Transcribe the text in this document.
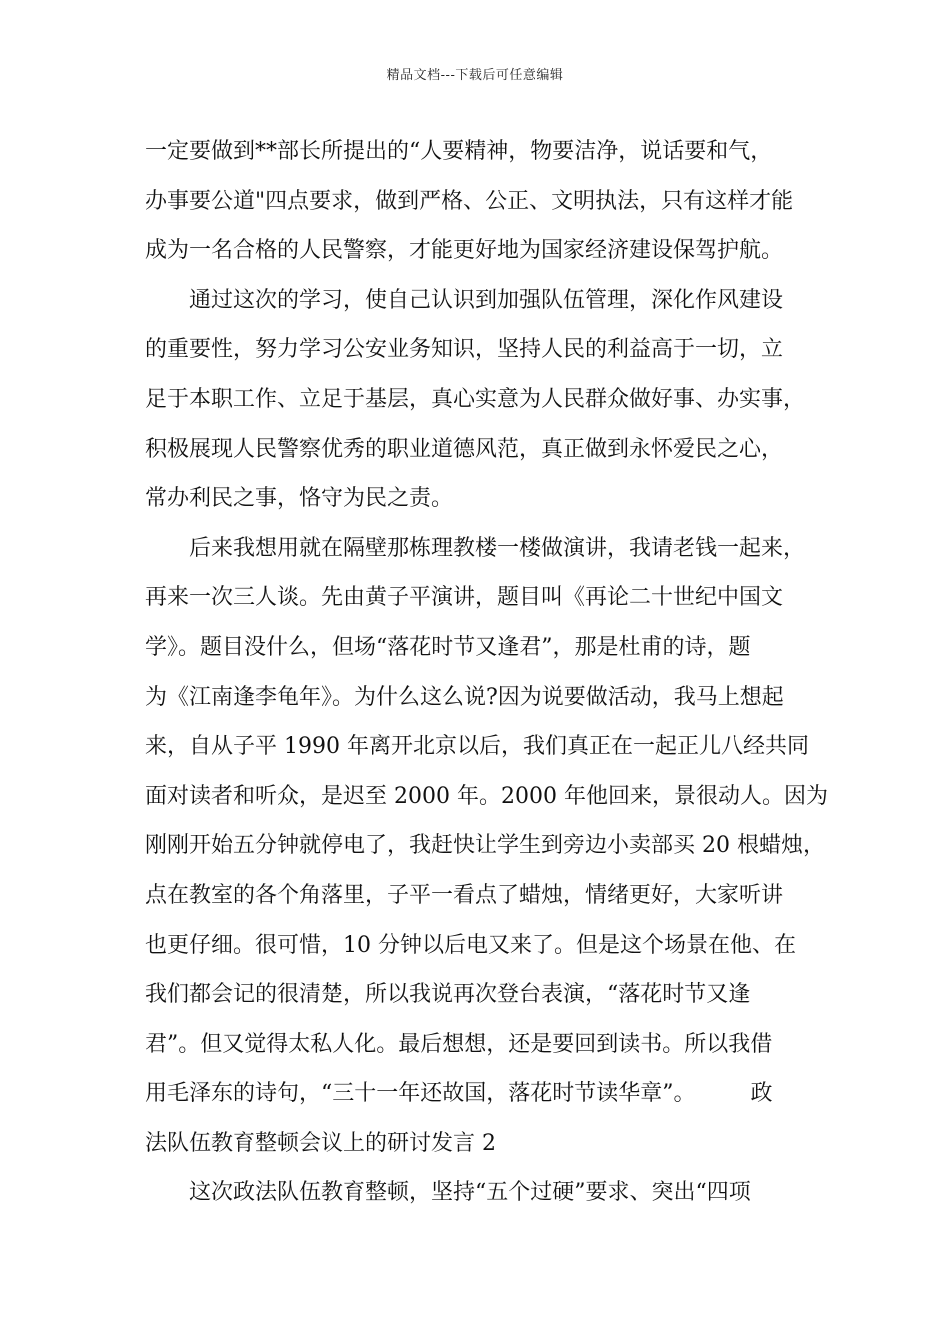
精品文档---下载后可任意编辑
一定要做到**部长所提出的“人要精神，物要洁净，说话要和气，
办事要公道"四点要求，做到严格、公正、文明执法，只有这样才能
成为一名合格的人民警察，才能更好地为国家经济建设保驾护航。
通过这次的学习，使自己认识到加强队伍管理，深化作风建设
的重要性，努力学习公安业务知识，坚持人民的利益高于一切，立
足于本职工作、立足于基层，真心实意为人民群众做好事、办实事，
积极展现人民警察优秀的职业道德风范，真正做到永怀爱民之心，
常办利民之事，恪守为民之责。
后来我想用就在隔壁那栋理教楼一楼做演讲，我请老钱一起来，
再来一次三人谈。先由黄子平演讲，题目叫《再论二十世纪中国文
学》。题目没什么，但场“落花时节又逢君”，那是杜甫的诗，题
为《江南逢李龟年》。为什么这么说?因为说要做活动，我马上想起
来，自从子平 1990 年离开北京以后，我们真正在一起正儿八经共同
面对读者和听众，是迟至 2000 年。2000 年他回来，景很动人。因为
刚刚开始五分钟就停电了，我赶快让学生到旁边小卖部买 20 根蜡烛，
点在教室的各个角落里，子平一看点了蜡烛，情绪更好，大家听讲
也更仔细。很可惜，10 分钟以后电又来了。但是这个场景在他、在
我们都会记的很清楚，所以我说再次登台表演，“落花时节又逢
君”。但又觉得太私人化。最后想想，还是要回到读书。所以我借
用毛泽东的诗句，“三十一年还故国，落花时节读华章”。　　　政
法队伍教育整顿会议上的研讨发言 2
这次政法队伍教育整顿，坚持“五个过硬”要求、突出“四项
